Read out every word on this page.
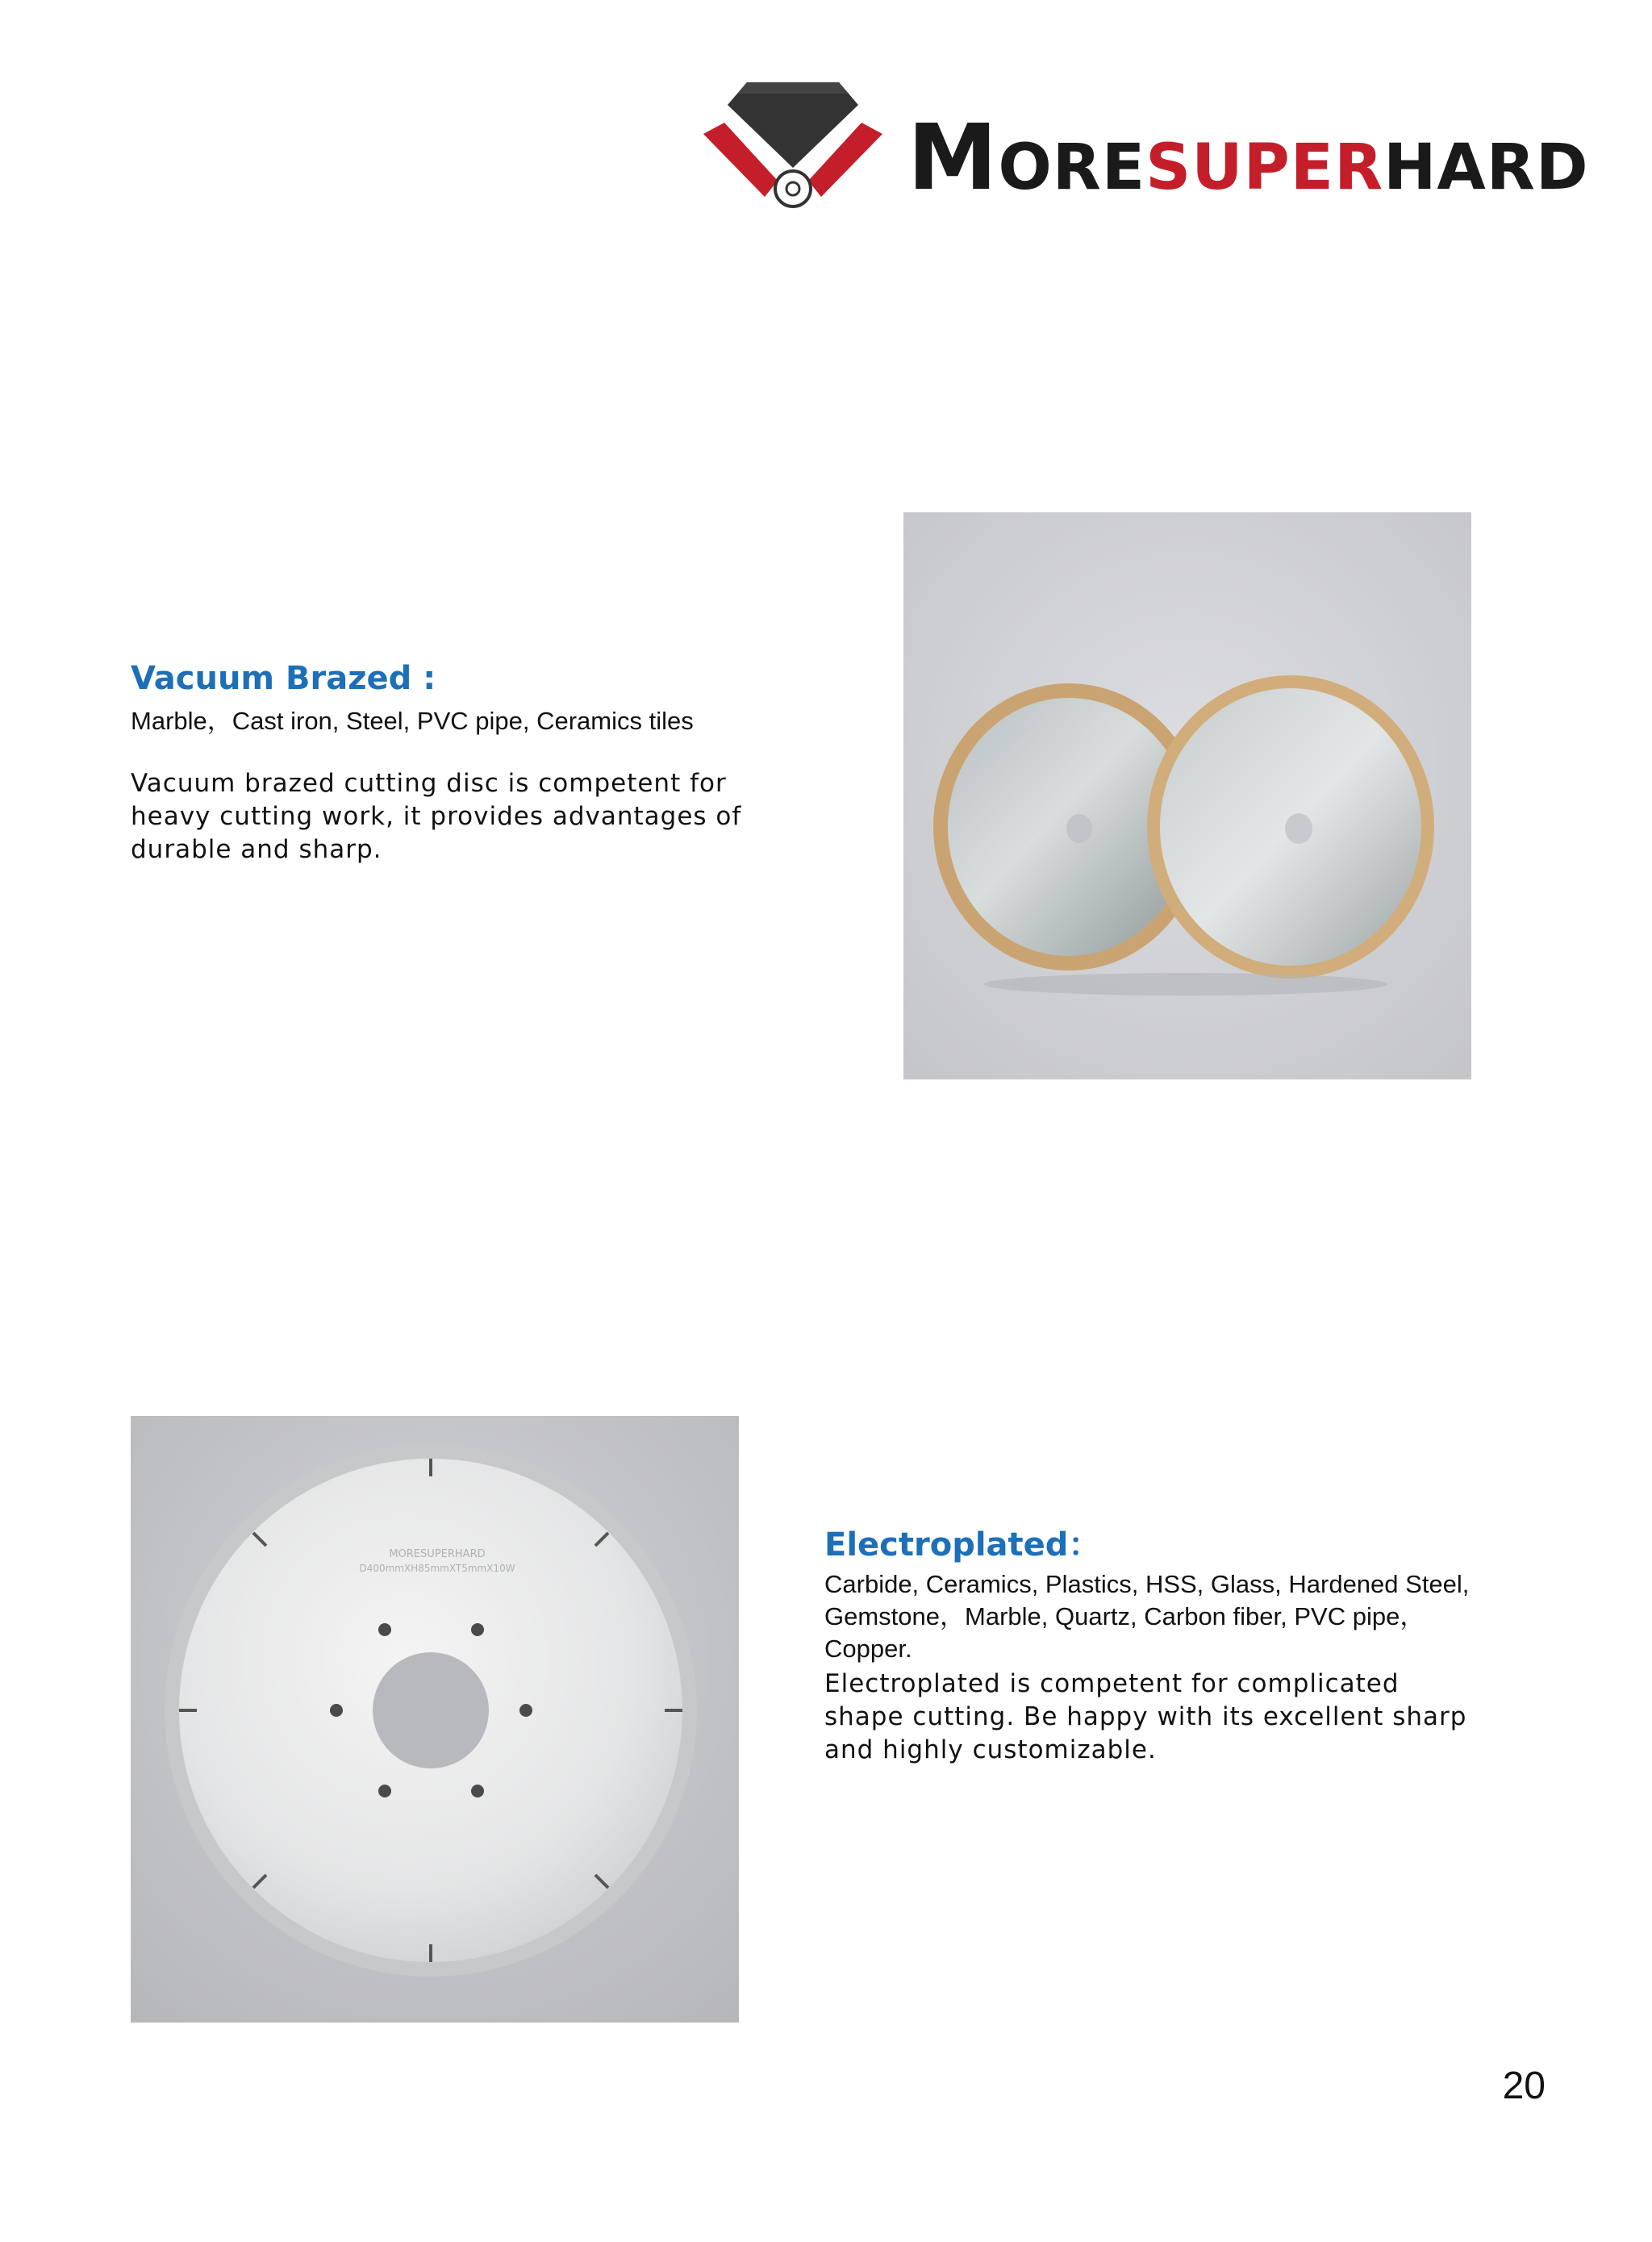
MORESUPERHARD
Vacuum Brazed :

Marble，Cast iron, Steel, PVC pipe, Ceramics tiles

Vacuum brazed cutting disc is competent for heavy cutting work, it provides advantages of durable and sharp.

MORESUPERHARD
D400mmXH85mmXT5mmX10W
Electroplated：

Carbide, Ceramics, Plastics, HSS, Glass, Hardened Steel, Gemstone，Marble, Quartz, Carbon fiber, PVC pipe，Copper.

Electroplated is competent for complicated shape cutting. Be happy with its excellent sharp and highly customizable.

20
